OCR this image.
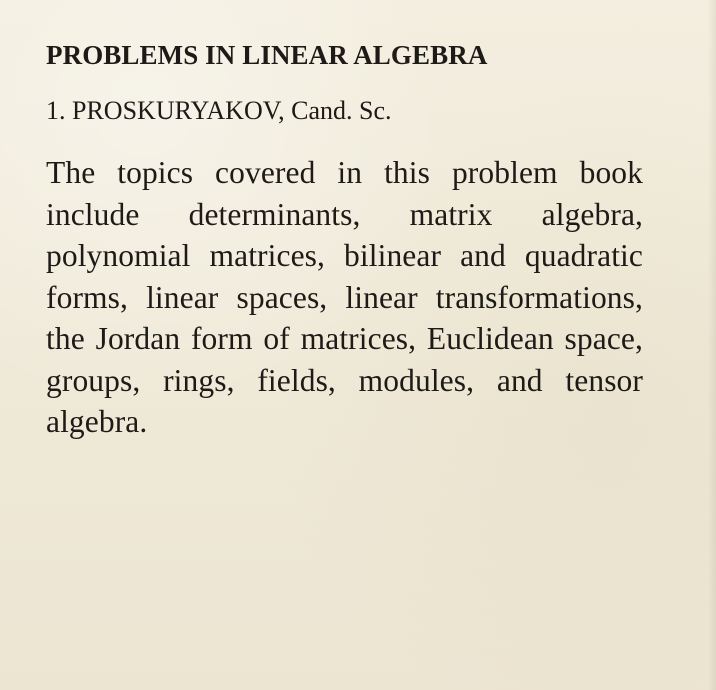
PROBLEMS IN LINEAR ALGEBRA

1. PROSKURYAKOV, Cand. Sc.

The topics covered in this problem book include determinants, matrix algebra, polynomial matrices, bilinear and quadratic forms, linear spaces, linear transformations, the Jordan form of matrices, Euclidean space, groups, rings, fields, modules, and tensor algebra.
